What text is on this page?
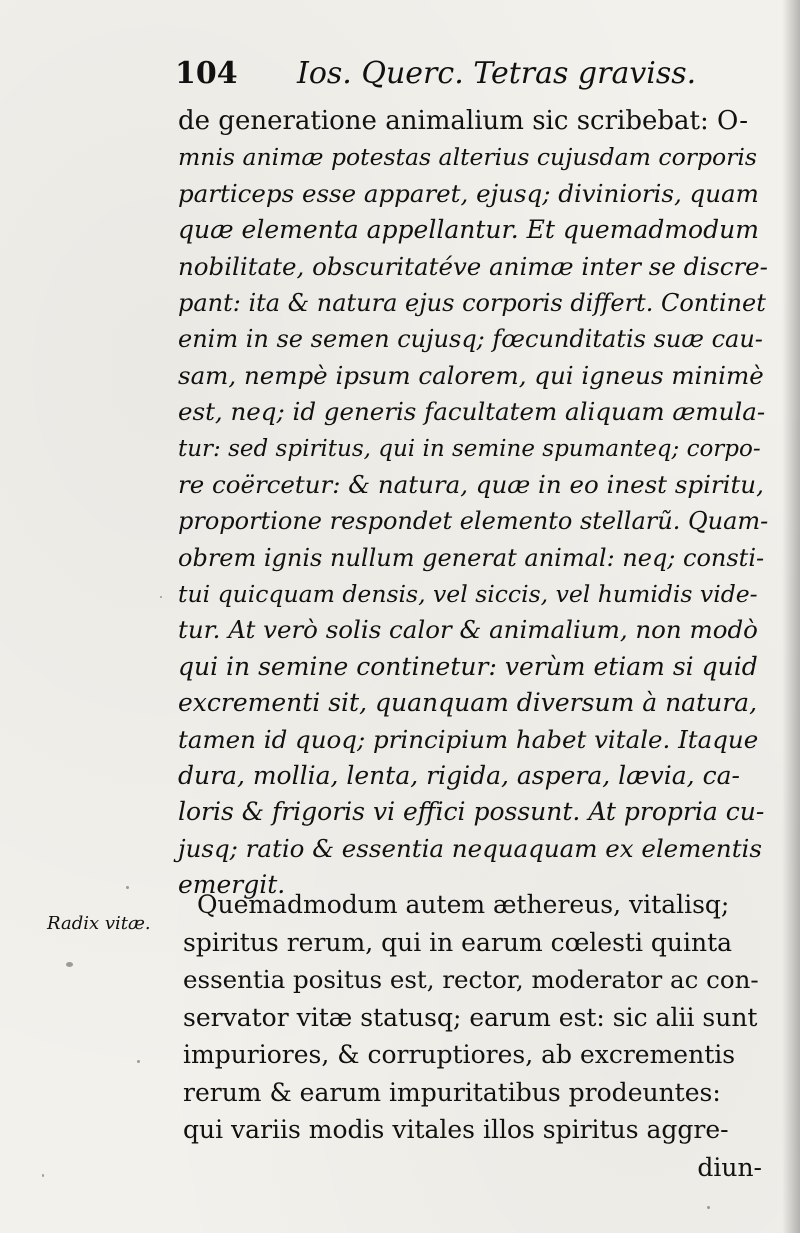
104 Ios. Querc. Tetras graviss.
de generatione animalium sic scribebat: O-
mnis animæ potestas alterius cujusdam corporis
particeps esse apparet, ejusq; divinioris, quam
quæ elementa appellantur. Et quemadmodum
nobilitate, obscuritatéve animæ inter se discre-
pant: ita & natura ejus corporis differt. Continet
enim in se semen cujusq; fœcunditatis suæ cau-
sam, nempè ipsum calorem, qui igneus minimè
est, neq; id generis facultatem aliquam æmula-
tur: sed spiritus, qui in semine spumanteq; corpo-
re coërcetur: & natura, quæ in eo inest spiritu,
proportione respondet elemento stellarũ. Quam-
obrem ignis nullum generat animal: neq; consti-
tui quicquam densis, vel siccis, vel humidis vide-
tur. At verò solis calor & animalium, non modò
qui in semine continetur: verùm etiam si quid
excrementi sit, quanquam diversum à natura,
tamen id quoq; principium habet vitale. Itaque
dura, mollia, lenta, rigida, aspera, lævia, ca-
loris & frigoris vi effici possunt. At propria cu-
jusq; ratio & essentia nequaquam ex elementis
emergit.
Radix vitæ.
Quemadmodum autem æthereus, vitalisq;
spiritus rerum, qui in earum cœlesti quinta
essentia positus est, rector, moderator ac con-
servator vitæ statusq; earum est: sic alii sunt
impuriores, & corruptiores, ab excrementis
rerum & earum impuritatibus prodeuntes:
qui variis modis vitales illos spiritus aggre-
diun-
